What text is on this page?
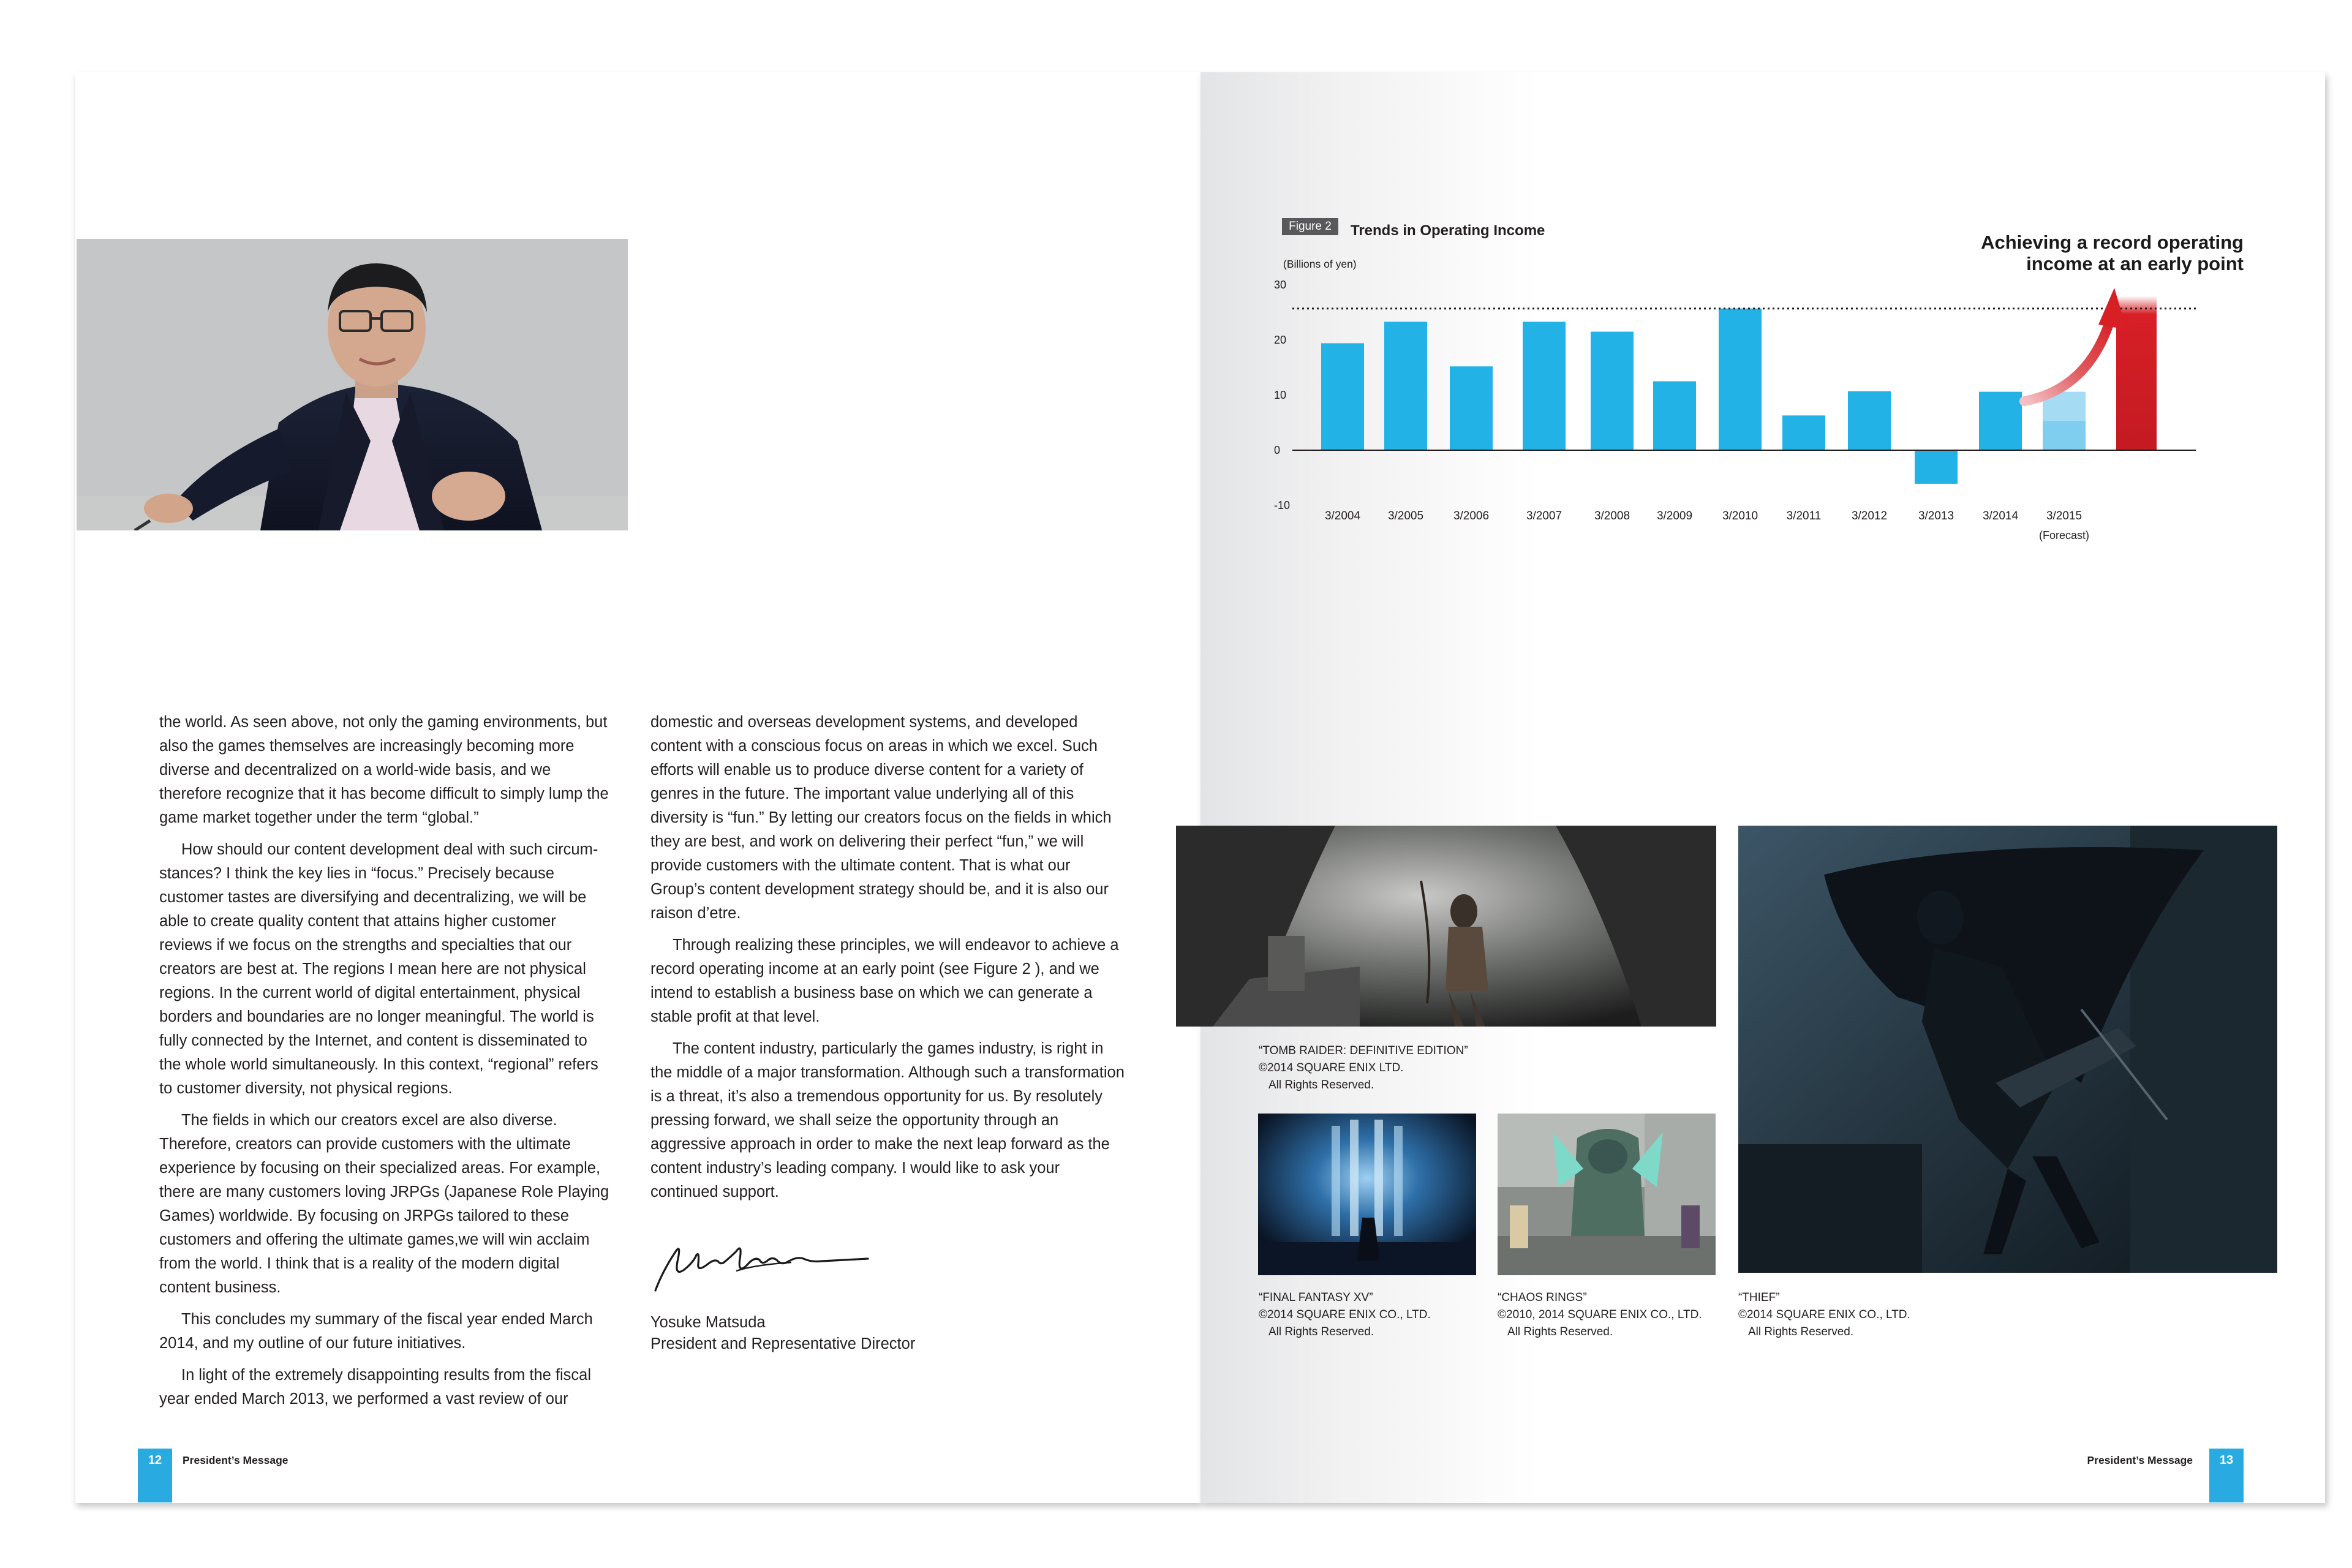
the world. As seen above, not only the gaming environments, but also the games themselves are increasingly becoming more diverse and decentralized on a world-wide basis, and we therefore recognize that it has become difficult to simply lump the game market together under the term “global.”

How should our content development deal with such circumstances? I think the key lies in “focus.” Precisely because customer tastes are diversifying and decentralizing, we will be able to create quality content that attains higher customer reviews if we focus on the strengths and specialties that our creators are best at. The regions I mean here are not physical regions. In the current world of digital entertainment, physical borders and boundaries are no longer meaningful. The world is fully connected by the Internet, and content is disseminated to the whole world simultaneously. In this context, “regional” refers to customer diversity, not physical regions.

The fields in which our creators excel are also diverse. Therefore, creators can provide customers with the ultimate experience by focusing on their specialized areas. For example, there are many customers loving JRPGs (Japanese Role Playing Games) worldwide. By focusing on JRPGs tailored to these customers and offering the ultimate games,we will win acclaim from the world. I think that is a reality of the modern digital content business.

This concludes my summary of the fiscal year ended March 2014, and my outline of our future initiatives.

In light of the extremely disappointing results from the fiscal year ended March 2013, we performed a vast review of our

domestic and overseas development systems, and developed content with a conscious focus on areas in which we excel. Such efforts will enable us to produce diverse content for a variety of genres in the future. The important value underlying all of this diversity is “fun.” By letting our creators focus on the fields in which they are best, and work on delivering their perfect “fun,” we will provide customers with the ultimate content. That is what our Group’s content development strategy should be, and it is also our raison d’etre.

Through realizing these principles, we will endeavor to achieve a record operating income at an early point (see Figure 2 ), and we intend to establish a business base on which we can generate a stable profit at that level.

The content industry, particularly the games industry, is right in the middle of a major transformation. Although such a transformation is a threat, it’s also a tremendous opportunity for us. By resolutely pressing forward, we shall seize the opportunity through an aggressive approach in order to make the next leap forward as the content industry’s leading company. I would like to ask your continued support.

Yosuke Matsuda
President and Representative Director
12	President’s Message	President’s Message	13
Figure 2	Trends in Operating Income
(Billions of yen)
Achieving a record operating
income at an early point
30
20
10
0
-10
3/2004 3/2005	3/2006	3/2007	3/2008 3/2009	3/2010 3/2011	3/2012	3/2013 3/2014 3/2015
(Forecast)
“TOMB RAIDER: DEFINITIVE EDITION”
©2014 SQUARE ENIX LTD.
All Rights Reserved.
“FINAL FANTASY XV”
©2014 SQUARE ENIX CO., LTD.
All Rights Reserved.
“CHAOS RINGS”
©2010, 2014 SQUARE ENIX CO., LTD.
All Rights Reserved.
“THIEF”
©2014 SQUARE ENIX CO., LTD.
All Rights Reserved.
